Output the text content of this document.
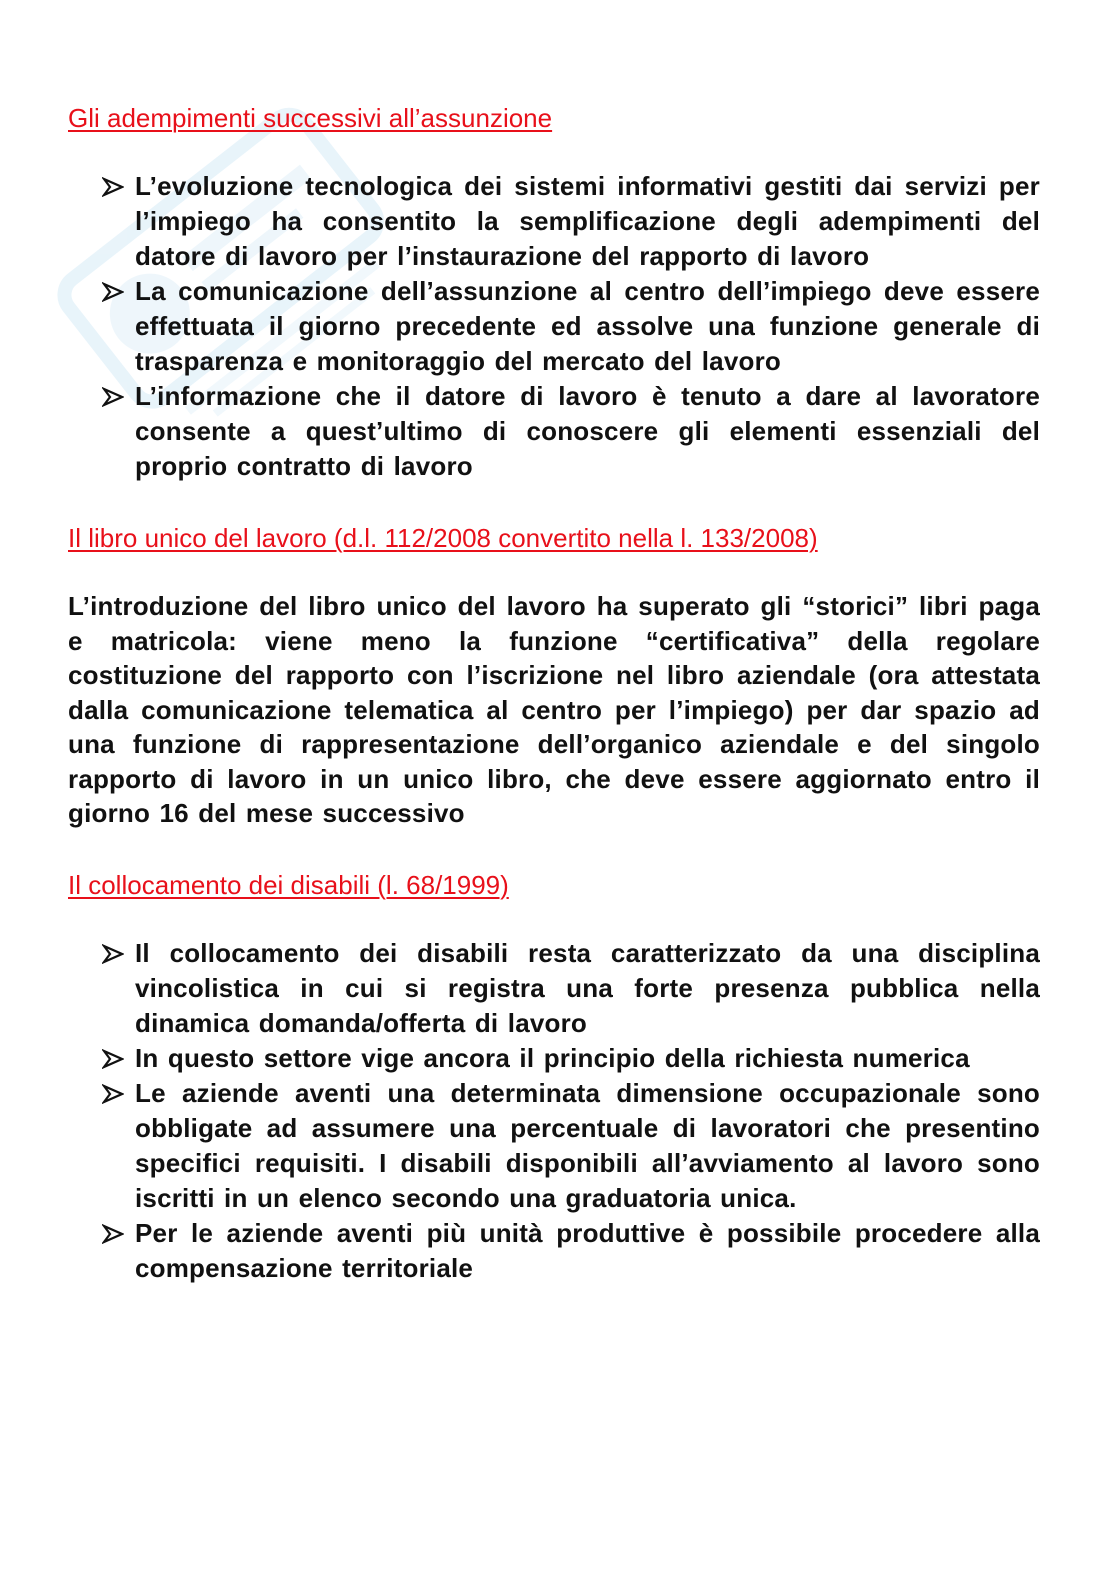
Gli adempimenti successivi all’assunzione
L’evoluzione tecnologica dei sistemi informativi gestiti dai servizi per l’impiego ha consentito la semplificazione degli adempimenti del datore di lavoro per l’instaurazione del rapporto di lavoro
La comunicazione dell’assunzione al centro dell’impiego deve essere effettuata il giorno precedente ed assolve una funzione generale di trasparenza e monitoraggio del mercato del lavoro
L’informazione che il datore di lavoro è tenuto a dare al lavoratore consente a quest’ultimo di conoscere gli elementi essenziali del proprio contratto di lavoro
Il libro unico del lavoro (d.l. 112/2008 convertito nella l. 133/2008)

L’introduzione del libro unico del lavoro ha superato gli “storici” libri paga e matricola: viene meno la funzione “certificativa” della regolare costituzione del rapporto con l’iscrizione nel libro aziendale (ora attestata dalla comunicazione telematica al centro per l’impiego) per dar spazio ad una funzione di rappresentazione dell’organico aziendale e del singolo rapporto di lavoro in un unico libro, che deve essere aggiornato entro il giorno 16 del mese successivo

Il collocamento dei disabili (l. 68/1999)
Il collocamento dei disabili resta caratterizzato da una disciplina vincolistica in cui si registra una forte presenza pubblica nella dinamica domanda/offerta di lavoro
In questo settore vige ancora il principio della richiesta numerica
Le aziende aventi una determinata dimensione occupazionale sono obbligate ad assumere una percentuale di lavoratori che presentino specifici requisiti. I disabili disponibili all’avviamento al lavoro sono iscritti in un elenco secondo una graduatoria unica.
Per le aziende aventi più unità produttive è possibile procedere alla compensazione territoriale
